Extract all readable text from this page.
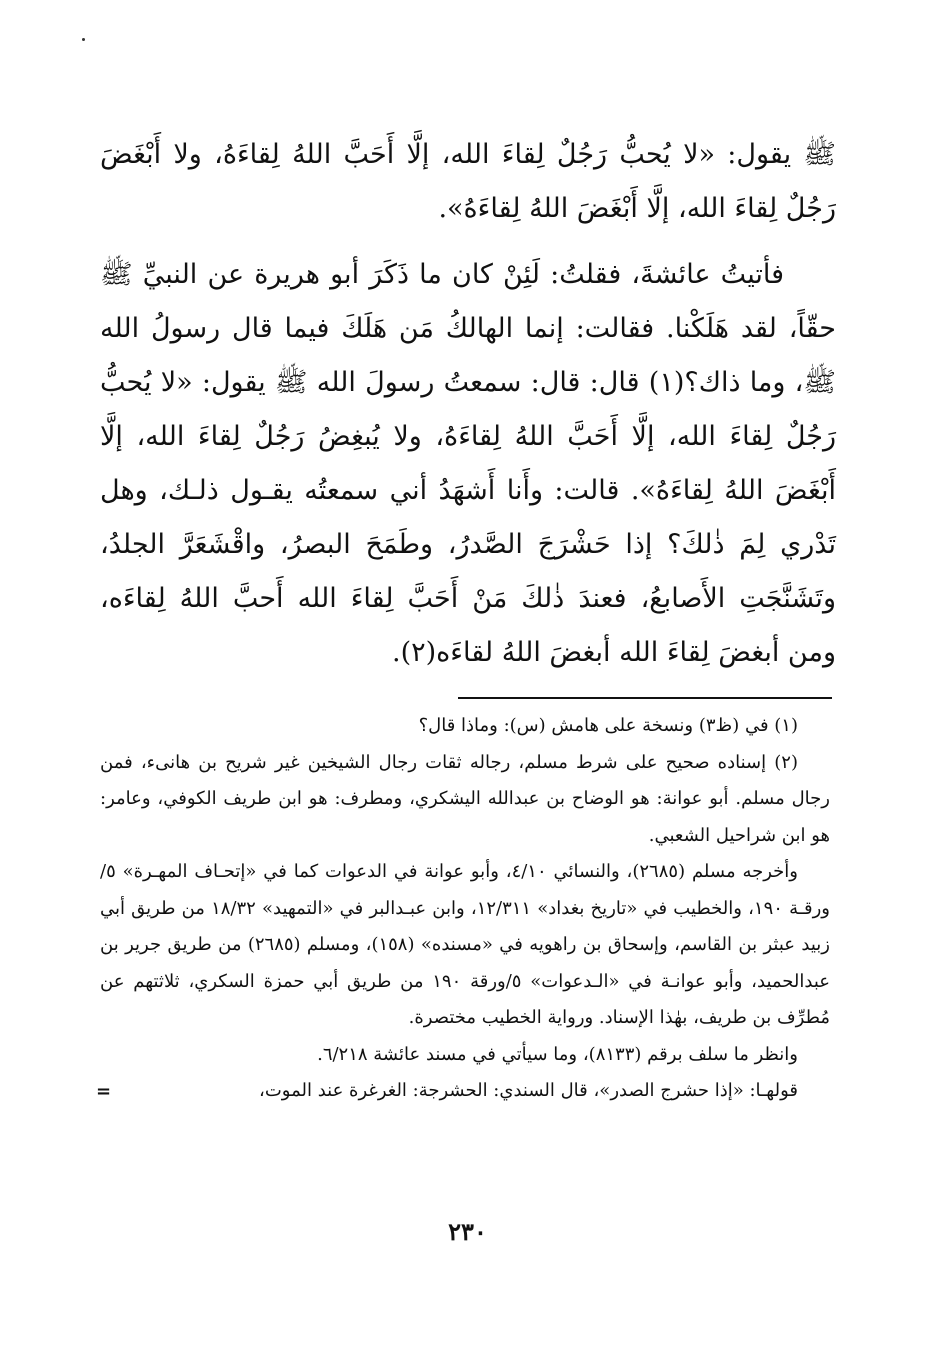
ﷺ يقول: «لا يُحبُّ رَجُلٌ لِقاءَ الله، إلَّا أَحَبَّ اللهُ لِقاءَهُ، ولا أَبْغَضَ رَجُلٌ لِقاءَ الله، إلَّا أَبْغَضَ اللهُ لِقاءَهُ».

فأتيتُ عائشةَ، فقلتُ: لَئِنْ كان ما ذَكَرَ أبو هريرة عن النبيِّ ﷺ حقّاً، لقد هَلَكْنا. فقالت: إنما الهالكُ مَن هَلَكَ فيما قال رسولُ الله ﷺ، وما ذاك؟(١) قال: قال: سمعتُ رسولَ الله ﷺ يقول: «لا يُحبُّ رَجُلٌ لِقاءَ الله، إلَّا أَحَبَّ اللهُ لِقاءَهُ، ولا يُبغِضُ رَجُلٌ لِقاءَ الله، إلَّا أَبْغَضَ اللهُ لِقاءَهُ». قالت: وأَنا أَشهَدُ أني سمعتُه يقـول ذلـك، وهل تَدْري لِمَ ذٰلكَ؟ إذا حَشْرَجَ الصَّدرُ، وطَمَحَ البصرُ، واقْشَعَرَّ الجلدُ، وتَشَنَّجَتِ الأَصابعُ، فعندَ ذٰلكَ مَنْ أَحَبَّ لِقاءَ الله أَحبَّ اللهُ لِقاءَه، ومن أبغضَ لِقاءَ الله أبغضَ اللهُ لقاءَه(٢).

(١) في (ظ٣) ونسخة على هامش (س): وماذا قال؟

(٢) إسناده صحيح على شرط مسلم، رجاله ثقات رجال الشيخين غير شريح بن هانىء، فمن رجال مسلم. أبو عوانة: هو الوضاح بن عبدالله اليشكري، ومطرف: هو ابن طريف الكوفي، وعامر: هو ابن شراحيل الشعبي.

وأخرجه مسلم (٢٦٨٥)، والنسائي ٤/١٠، وأبو عوانة في الدعوات كما في «إتحـاف المهـرة» ٥/ورقـة ١٩٠، والخطيب في «تاريخ بغداد» ١٢/٣١١، وابن عبـدالبر في «التمهيد» ١٨/٣٢ من طريق أبي زبيد عبثر بن القاسم، وإسحاق بن راهويه في «مسنده» (١٥٨)، ومسلم (٢٦٨٥) من طريق جرير بن عبدالحميد، وأبو عوانـة في «الـدعوات» ٥/ورقة ١٩٠ من طريق أبي حمزة السكري، ثلاثتهم عن مُطرِّف بن طريف، بهٰذا الإسناد. ورواية الخطيب مختصرة.

وانظر ما سلف برقم (٨١٣٣)، وما سيأتي في مسند عائشة ٦/٢١٨.

=	قولهـا: «إذا حشرج الصدر»، قال السندي: الحشرجة: الغرغرة عند الموت،

٢٣٠
